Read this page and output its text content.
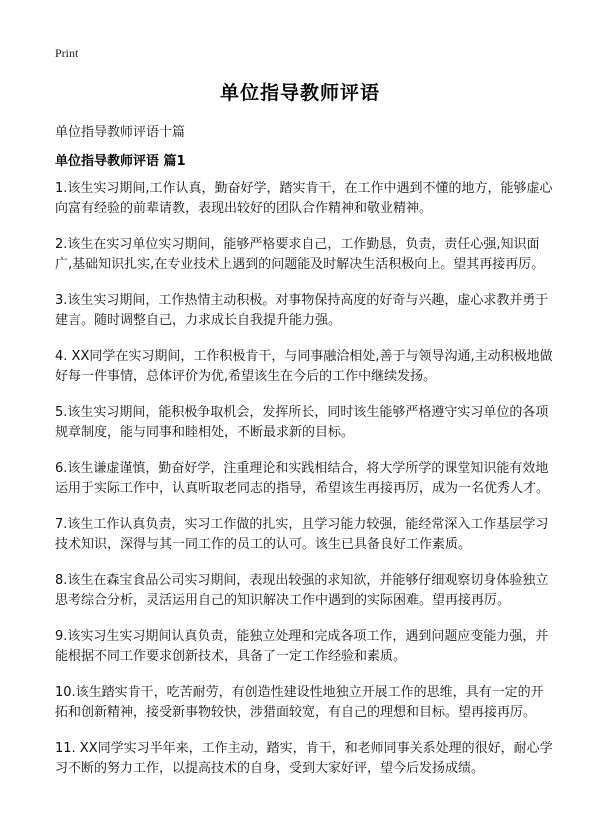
Print
单位指导教师评语
单位指导教师评语十篇
单位指导教师评语 篇1

1.该生实习期间,工作认真，勤奋好学，踏实肯干，在工作中遇到不懂的地方，能够虚心向富有经验的前辈请教，表现出较好的团队合作精神和敬业精神。

2.该生在实习单位实习期间，能够严格要求自己，工作勤恳，负责，责任心强,知识面广,基础知识扎实,在专业技术上遇到的问题能及时解决生活积极向上。望其再接再厉。

3.该生实习期间，工作热情主动积极。对事物保持高度的好奇与兴趣，虚心求教并勇于建言。随时调整自己，力求成长自我提升能力强。

4. XX同学在实习期间，工作积极肯干，与同事融洽相处,善于与领导沟通,主动积极地做好每一件事情，总体评价为优,希望该生在今后的工作中继续发扬。

5.该生实习期间，能积极争取机会，发挥所长，同时该生能够严格遵守实习单位的各项规章制度，能与同事和睦相处，不断最求新的目标。

6.该生谦虚谨慎，勤奋好学，注重理论和实践相结合，将大学所学的课堂知识能有效地运用于实际工作中，认真听取老同志的指导，希望该生再接再厉，成为一名优秀人才。

7.该生工作认真负责，实习工作做的扎实，且学习能力较强，能经常深入工作基层学习技术知识，深得与其一同工作的员工的认可。该生已具备良好工作素质。

8.该生在森宝食品公司实习期间，表现出较强的求知欲，并能够仔细观察切身体验独立思考综合分析，灵活运用自己的知识解决工作中遇到的实际困难。望再接再厉。

9.该实习生实习期间认真负责，能独立处理和完成各项工作，遇到问题应变能力强，并能根据不同工作要求创新技术，具备了一定工作经验和素质。

10.该生踏实肯干，吃苦耐劳，有创造性建设性地独立开展工作的思维，具有一定的开拓和创新精神，接受新事物较快，涉猎面较宽，有自己的理想和目标。望再接再厉。

11. XX同学实习半年来，工作主动，踏实，肯干，和老师同事关系处理的很好，耐心学习不断的努力工作，以提高技术的自身，受到大家好评，望今后发扬成绩。
